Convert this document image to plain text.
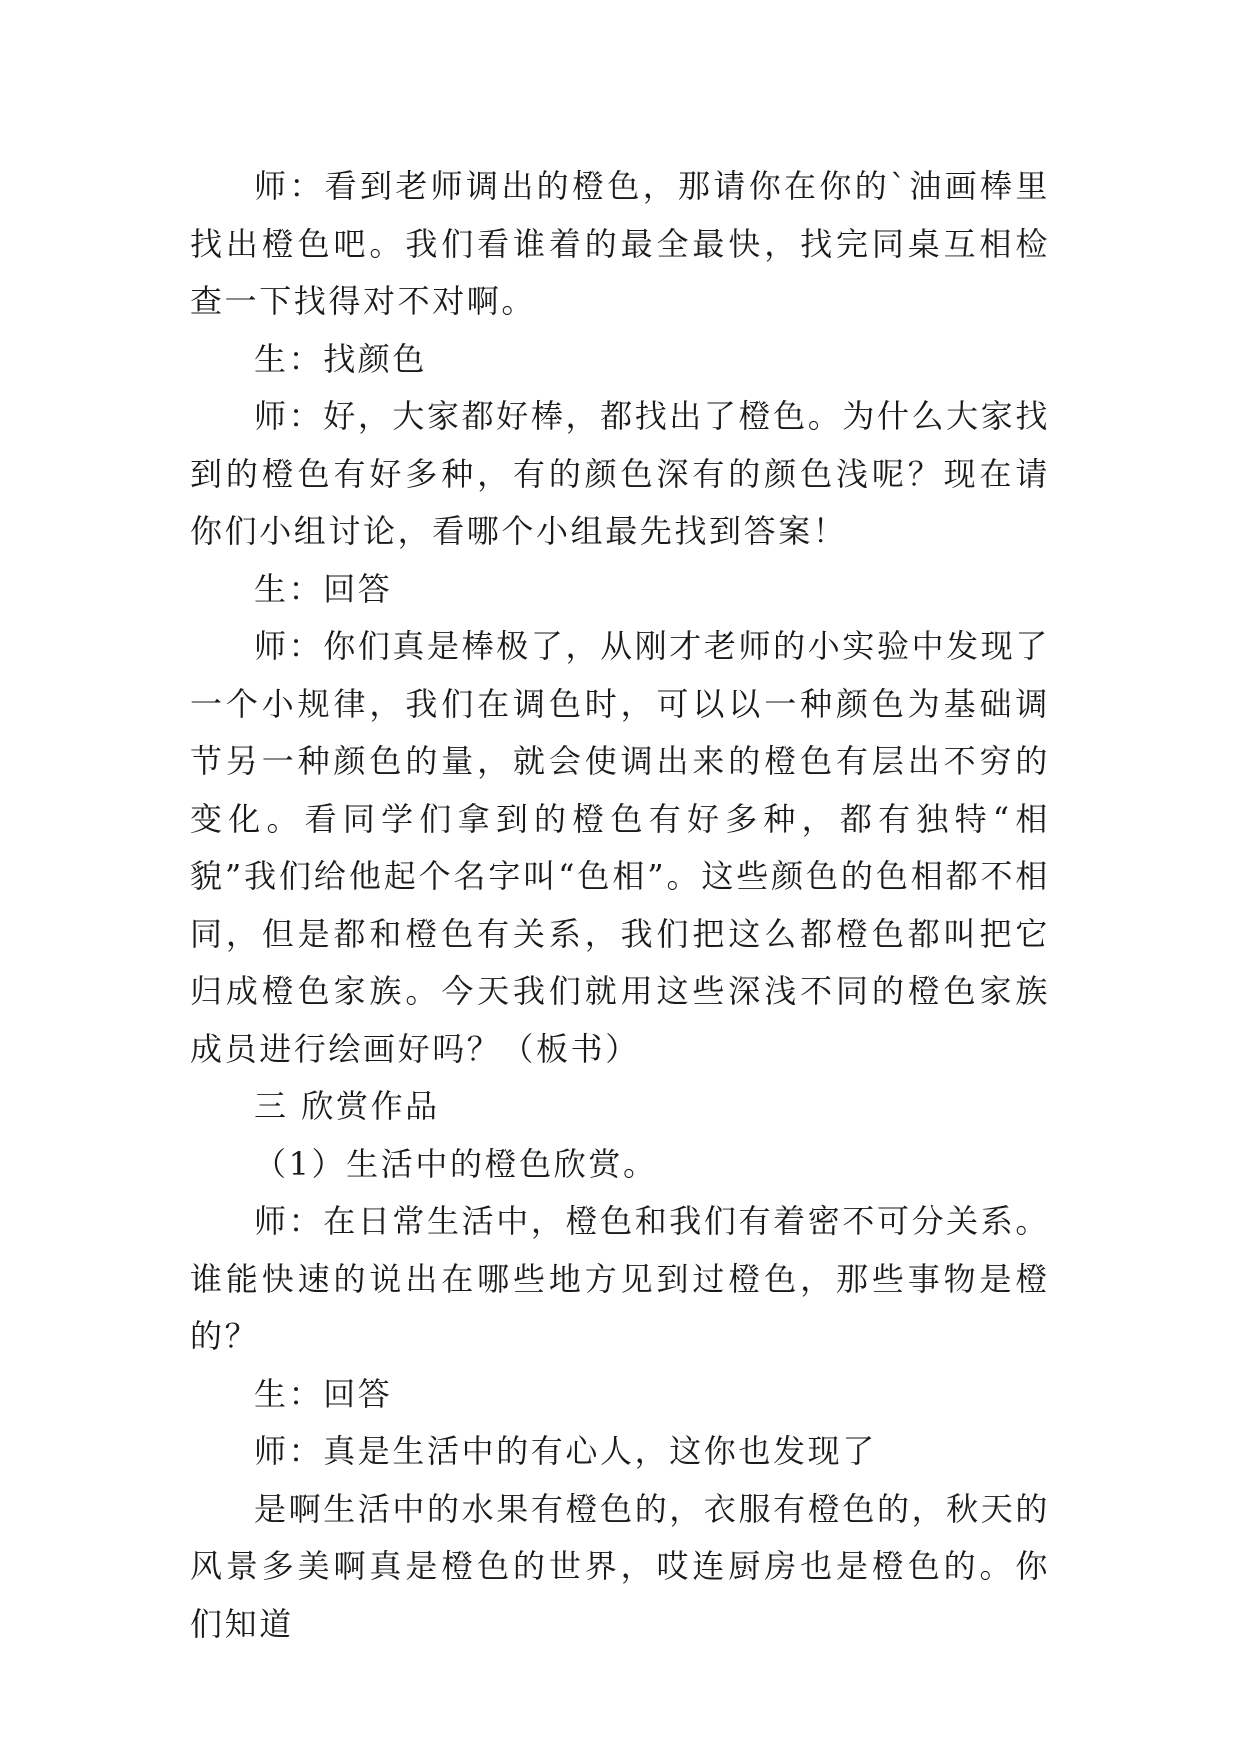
师：看到老师调出的橙色，那请你在你的`油画棒里找出橙色吧。我们看谁着的最全最快，找完同桌互相检查一下找得对不对啊。

生：找颜色

师：好，大家都好棒，都找出了橙色。为什么大家找到的橙色有好多种，有的颜色深有的颜色浅呢？现在请你们小组讨论，看哪个小组最先找到答案！

生：回答

师：你们真是棒极了，从刚才老师的小实验中发现了一个小规律，我们在调色时，可以以一种颜色为基础调节另一种颜色的量，就会使调出来的橙色有层出不穷的变化。看同学们拿到的橙色有好多种，都有独特“相貌”我们给他起个名字叫“色相”。这些颜色的色相都不相同，但是都和橙色有关系，我们把这么都橙色都叫把它归成橙色家族。今天我们就用这些深浅不同的橙色家族成员进行绘画好吗？（板书）

三 欣赏作品

（1）生活中的橙色欣赏。

师：在日常生活中，橙色和我们有着密不可分关系。谁能快速的说出在哪些地方见到过橙色，那些事物是橙的？

生：回答

师：真是生活中的有心人，这你也发现了

是啊生活中的水果有橙色的，衣服有橙色的，秋天的风景多美啊真是橙色的世界，哎连厨房也是橙色的。你们知道
